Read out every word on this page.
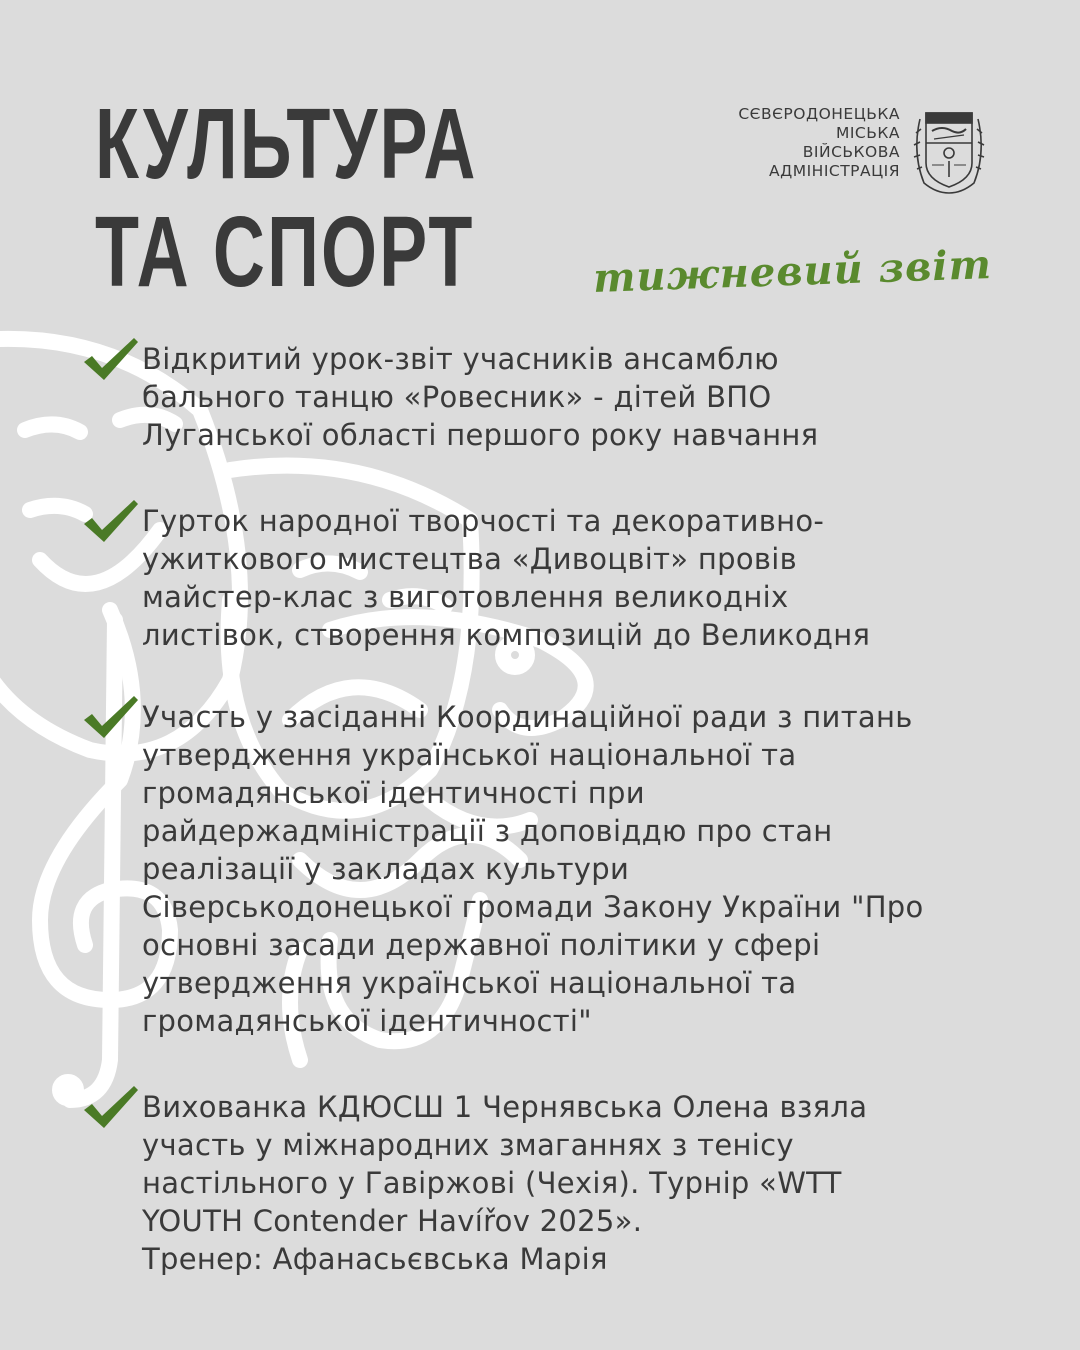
КУЛЬТУРА
ТА СПОРТ
СЄВЄРОДОНЕЦЬКА
МІСЬКА
ВІЙСЬКОВА
АДМІНІСТРАЦІЯ
тижневий звіт
Відкритий урок-звіт учасників ансамблю
бального танцю «Ровесник» - дітей ВПО
Луганської області першого року навчання
Гурток народної творчості та декоративно-
ужиткового мистецтва «Дивоцвіт» провів
майстер-клас з виготовлення великодніх
листівок, створення композицій до Великодня
Участь у засіданні Координаційної ради з питань
утвердження української національної та
громадянської ідентичності при
райдержадміністрації з доповіддю про стан
реалізації у закладах культури
Сіверськодонецької громади Закону України "Про
основні засади державної політики у сфері
утвердження української національної та
громадянської ідентичності"
Вихованка КДЮСШ 1 Чернявська Олена взяла
участь у міжнародних змаганнях з тенісу
настільного у Гавіржові (Чехія). Турнір «WTT
YOUTH Contender Havířov 2025».
Тренер: Афанасьєвська Марія
